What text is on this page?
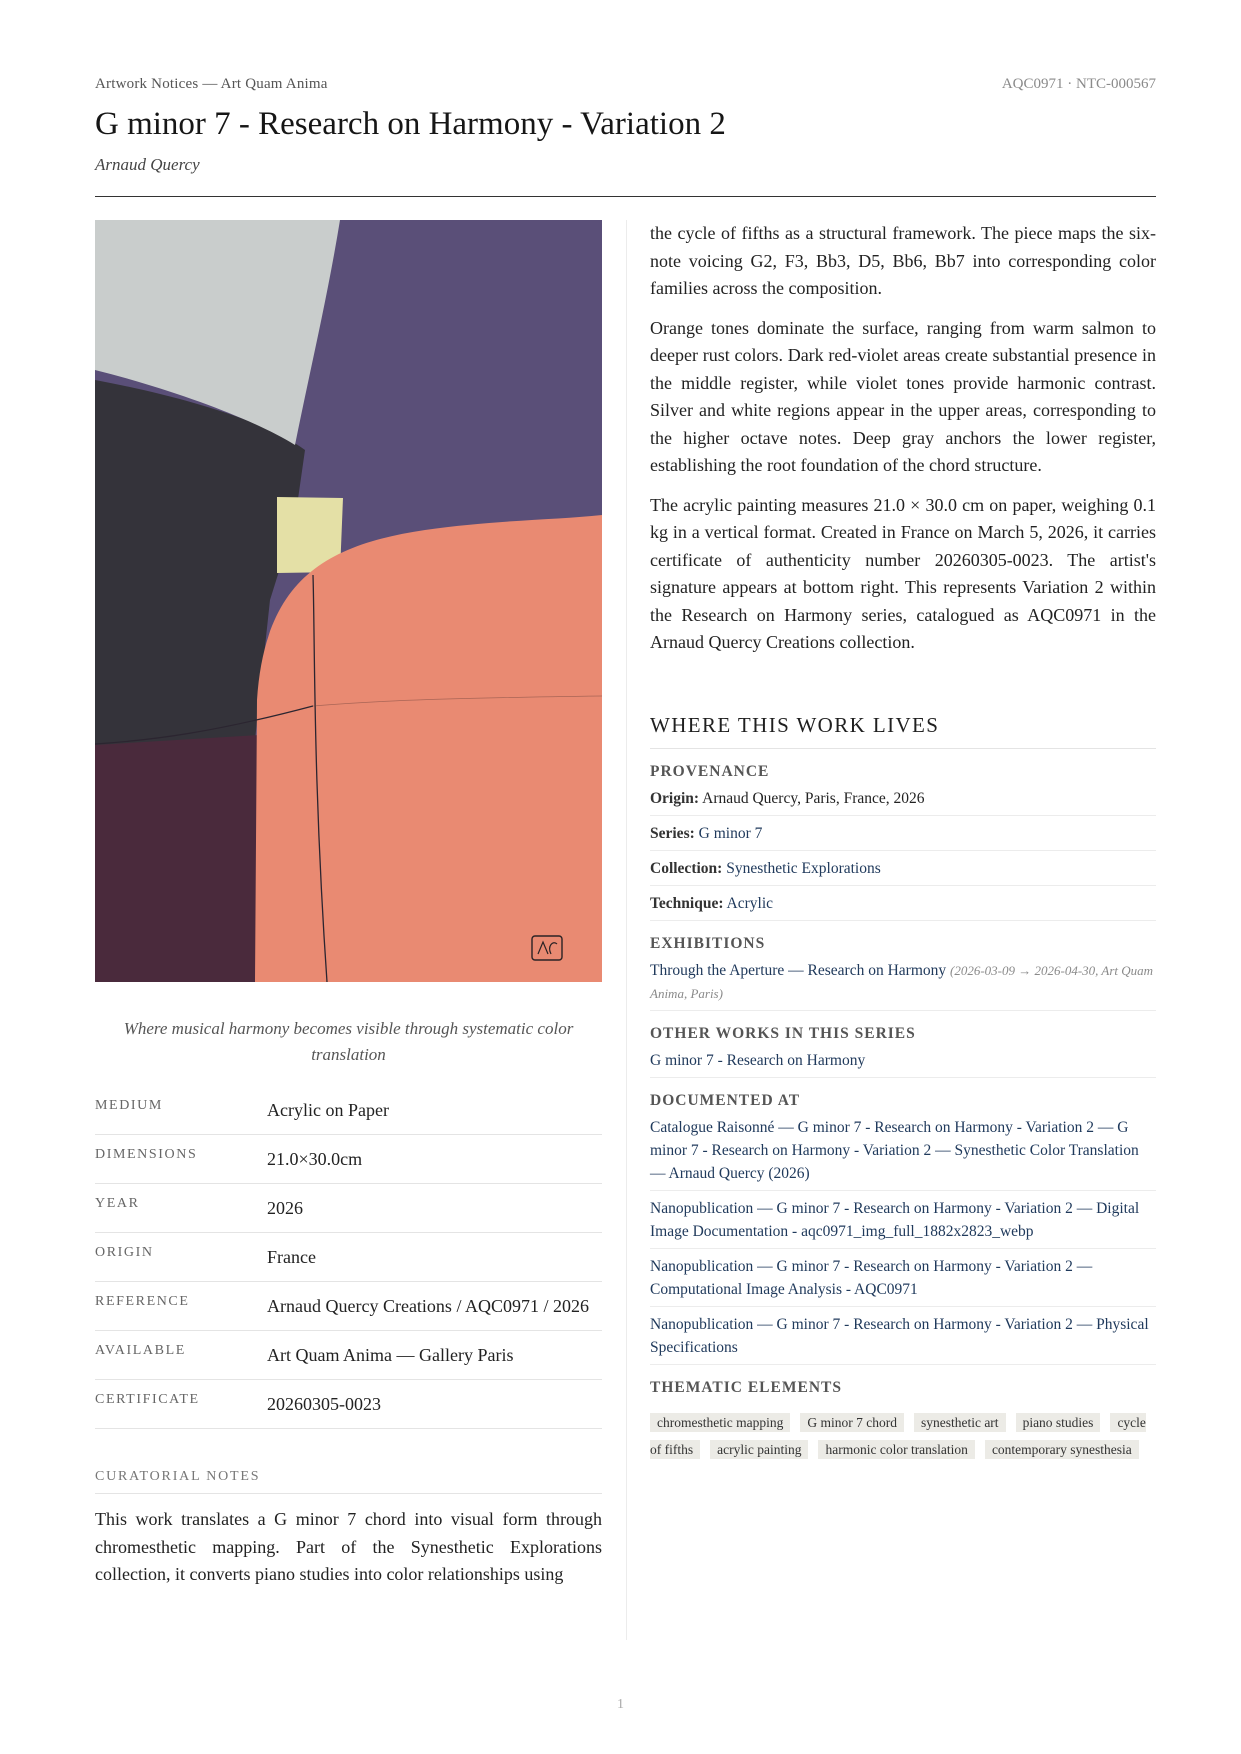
Artwork Notices — Art Quam Anima	AQC0971 · NTC-000567
G minor 7 - Research on Harmony - Variation 2
Arnaud Quercy
Where musical harmony becomes visible through systematic color translation
MEDIUM	Acrylic on Paper
DIMENSIONS	21.0×30.0cm
YEAR	2026
ORIGIN	France
REFERENCE	Arnaud Quercy Creations / AQC0971 / 2026
AVAILABLE	Art Quam Anima — Gallery Paris
CERTIFICATE	20260305-0023
CURATORIAL NOTES
This work translates a G minor 7 chord into visual form through chromesthetic mapping. Part of the Synesthetic Explorations collection, it converts piano studies into color relationships using

the cycle of fifths as a structural framework. The piece maps the six-note voicing G2, F3, Bb3, D5, Bb6, Bb7 into corresponding color families across the composition.

Orange tones dominate the surface, ranging from warm salmon to deeper rust colors. Dark red-violet areas create substantial presence in the middle register, while violet tones provide harmonic contrast. Silver and white regions appear in the upper areas, corresponding to the higher octave notes. Deep gray anchors the lower register, establishing the root foundation of the chord structure.

The acrylic painting measures 21.0 × 30.0 cm on paper, weighing 0.1 kg in a vertical format. Created in France on March 5, 2026, it carries certificate of authenticity number 20260305-0023. The artist's signature appears at bottom right. This represents Variation 2 within the Research on Harmony series, catalogued as AQC0971 in the Arnaud Quercy Creations collection.

WHERE THIS WORK LIVES
PROVENANCE
Origin: Arnaud Quercy, Paris, France, 2026
Series: G minor 7
Collection: Synesthetic Explorations
Technique: Acrylic
EXHIBITIONS
Through the Aperture — Research on Harmony (2026-03-09 → 2026-04-30, Art Quam Anima, Paris)
OTHER WORKS IN THIS SERIES
G minor 7 - Research on Harmony
DOCUMENTED AT
Catalogue Raisonné — G minor 7 - Research on Harmony - Variation 2 — G minor 7 - Research on Harmony - Variation 2 — Synesthetic Color Translation — Arnaud Quercy (2026)
Nanopublication — G minor 7 - Research on Harmony - Variation 2 — Digital Image Documentation - aqc0971_img_full_1882x2823_webp
Nanopublication — G minor 7 - Research on Harmony - Variation 2 — Computational Image Analysis - AQC0971
Nanopublication — G minor 7 - Research on Harmony - Variation 2 — Physical Specifications
THEMATIC ELEMENTS
chromesthetic mapping G minor 7 chord synesthetic art piano studies cycle of fifths acrylic painting harmonic color translation contemporary synesthesia
1
